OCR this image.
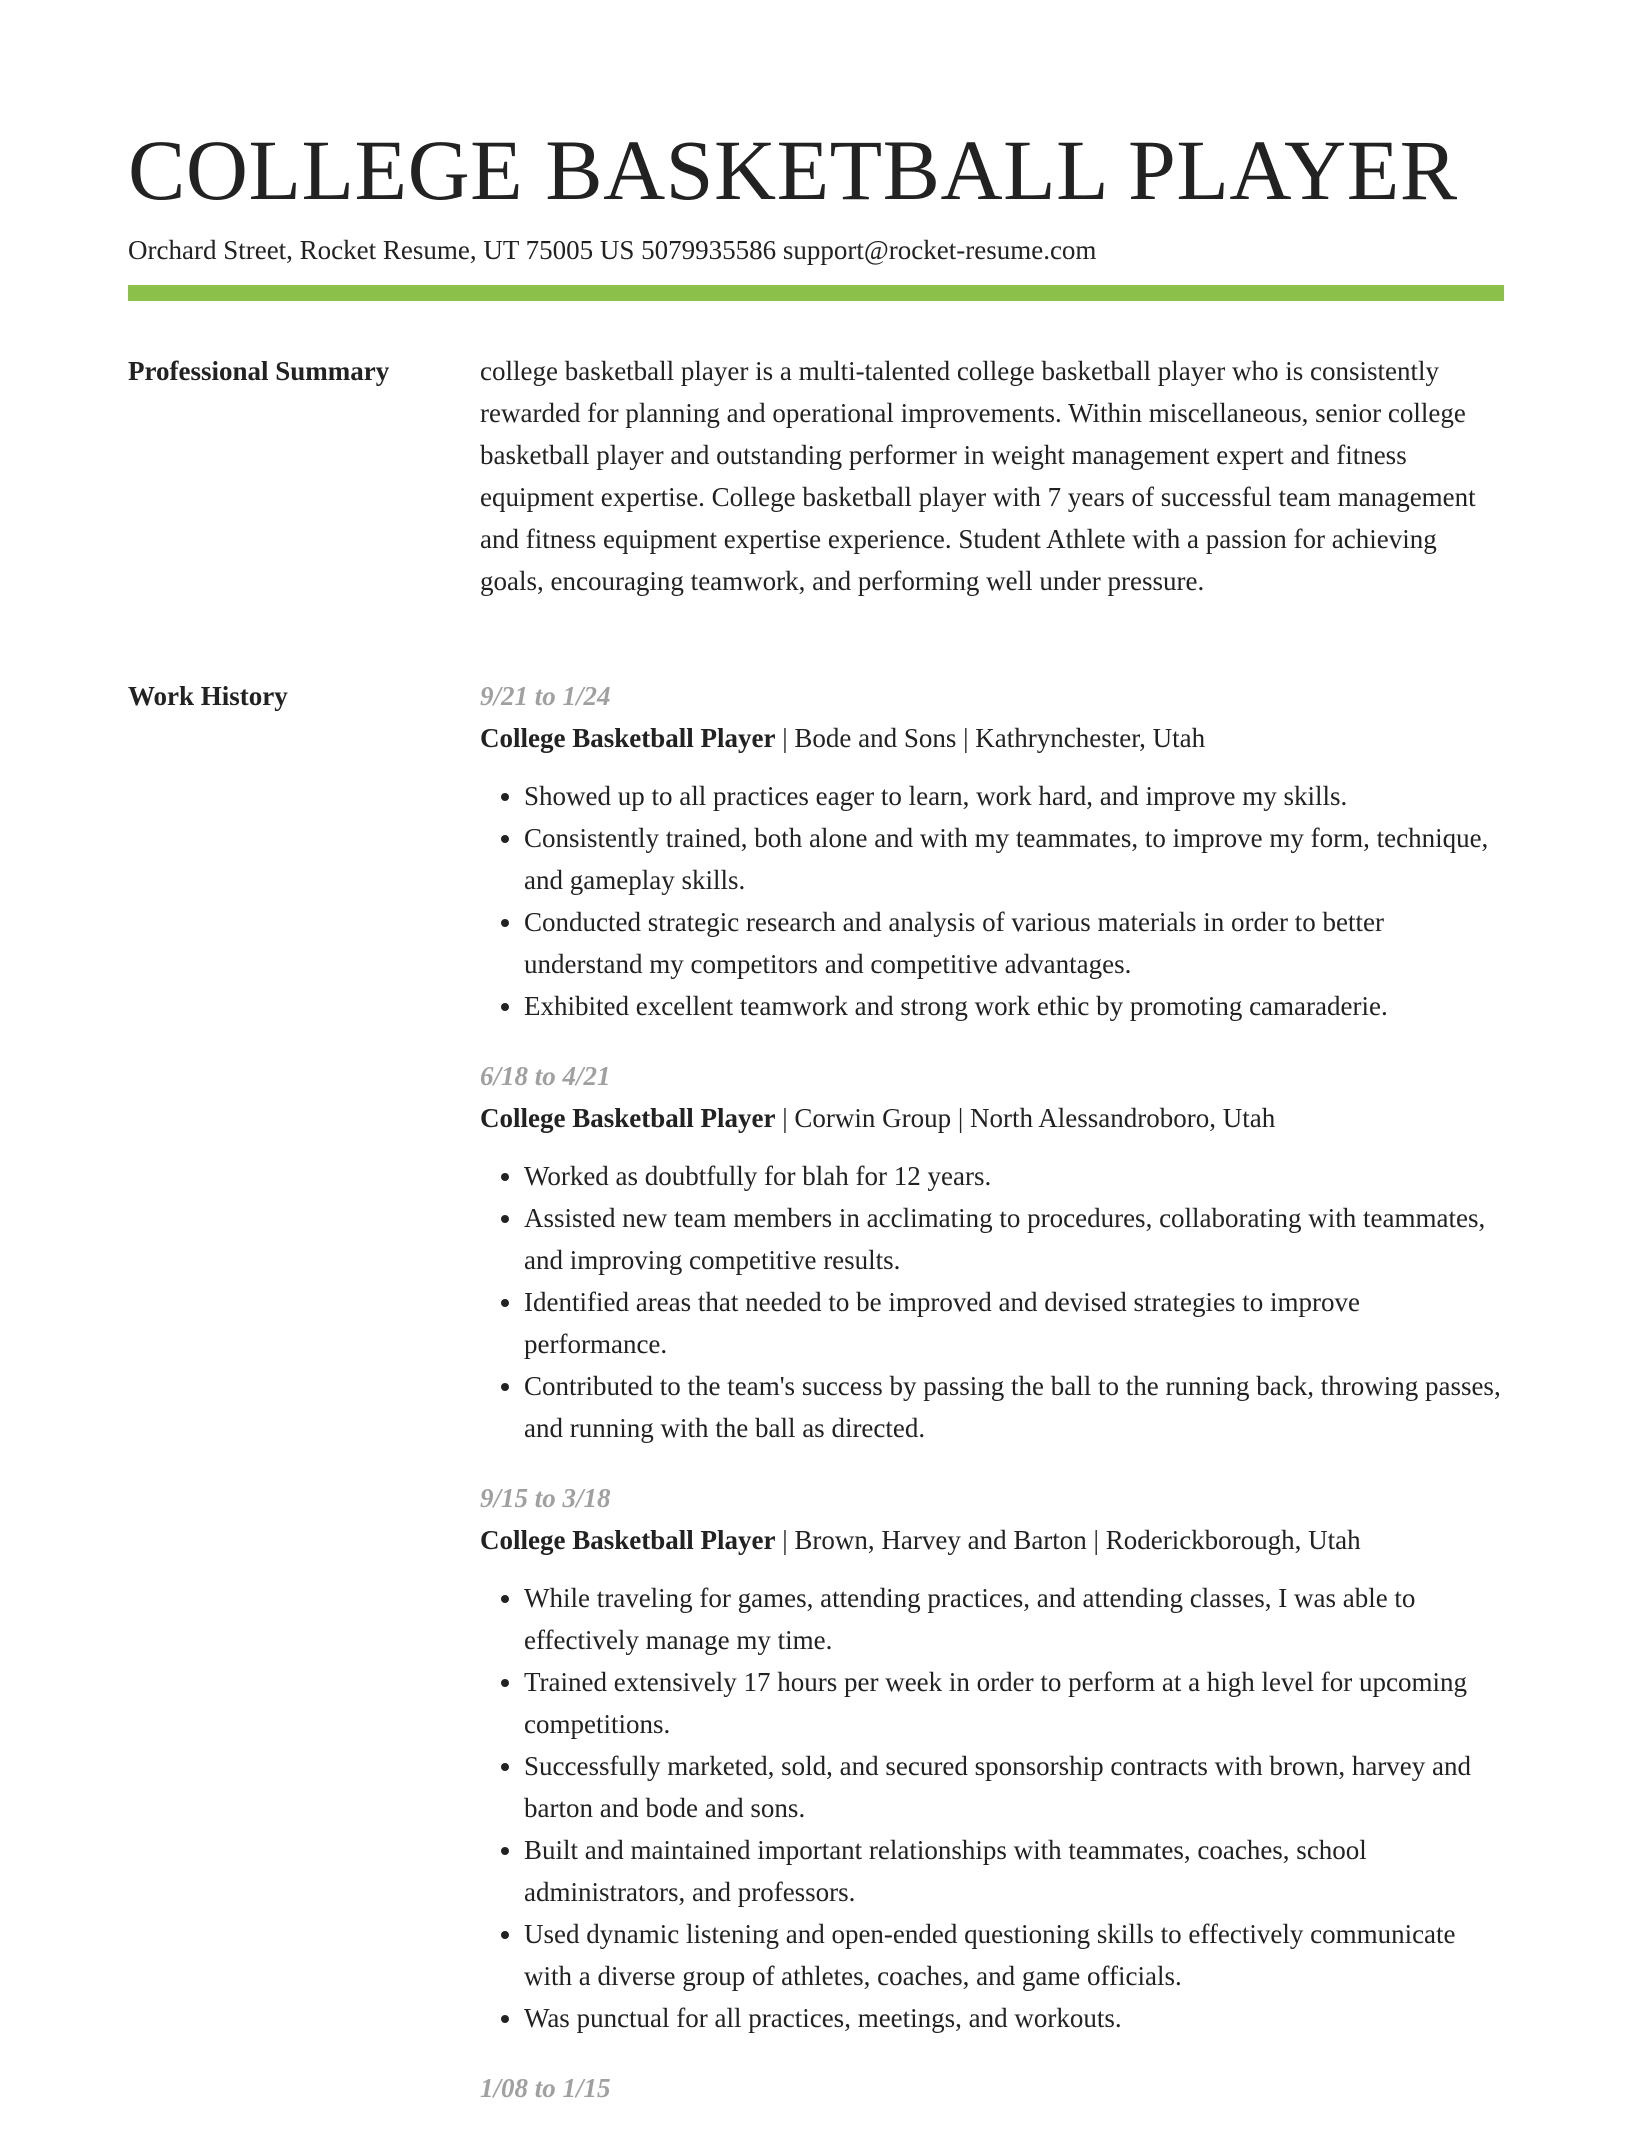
COLLEGE BASKETBALL PLAYER
Orchard Street, Rocket Resume, UT 75005 US 5079935586 support@rocket-resume.com
Professional Summary	college basketball player is a multi-talented college basketball player who is consistently rewarded for planning and operational improvements. Within miscellaneous, senior college basketball player and outstanding performer in weight management expert and fitness equipment expertise. College basketball player with 7 years of successful team management and fitness equipment expertise experience. Student Athlete with a passion for achieving goals, encouraging teamwork, and performing well under pressure.

Work History	9/21 to 1/24

College Basketball Player | Bode and Sons | Kathrynchester, Utah

• Showed up to all practices eager to learn, work hard, and improve my skills.
• Consistently trained, both alone and with my teammates, to improve my form, technique, and gameplay skills.
• Conducted strategic research and analysis of various materials in order to better understand my competitors and competitive advantages.
• Exhibited excellent teamwork and strong work ethic by promoting camaraderie.

6/18 to 4/21

College Basketball Player | Corwin Group | North Alessandroboro, Utah

• Worked as doubtfully for blah for 12 years.
• Assisted new team members in acclimating to procedures, collaborating with teammates, and improving competitive results.
• Identified areas that needed to be improved and devised strategies to improve performance.
• Contributed to the team's success by passing the ball to the running back, throwing passes, and running with the ball as directed.

9/15 to 3/18

College Basketball Player | Brown, Harvey and Barton | Roderickborough, Utah

• While traveling for games, attending practices, and attending classes, I was able to effectively manage my time.
• Trained extensively 17 hours per week in order to perform at a high level for upcoming competitions.
• Successfully marketed, sold, and secured sponsorship contracts with brown, harvey and barton and bode and sons.
• Built and maintained important relationships with teammates, coaches, school administrators, and professors.
• Used dynamic listening and open-ended questioning skills to effectively communicate with a diverse group of athletes, coaches, and game officials.
• Was punctual for all practices, meetings, and workouts.

1/08 to 1/15
